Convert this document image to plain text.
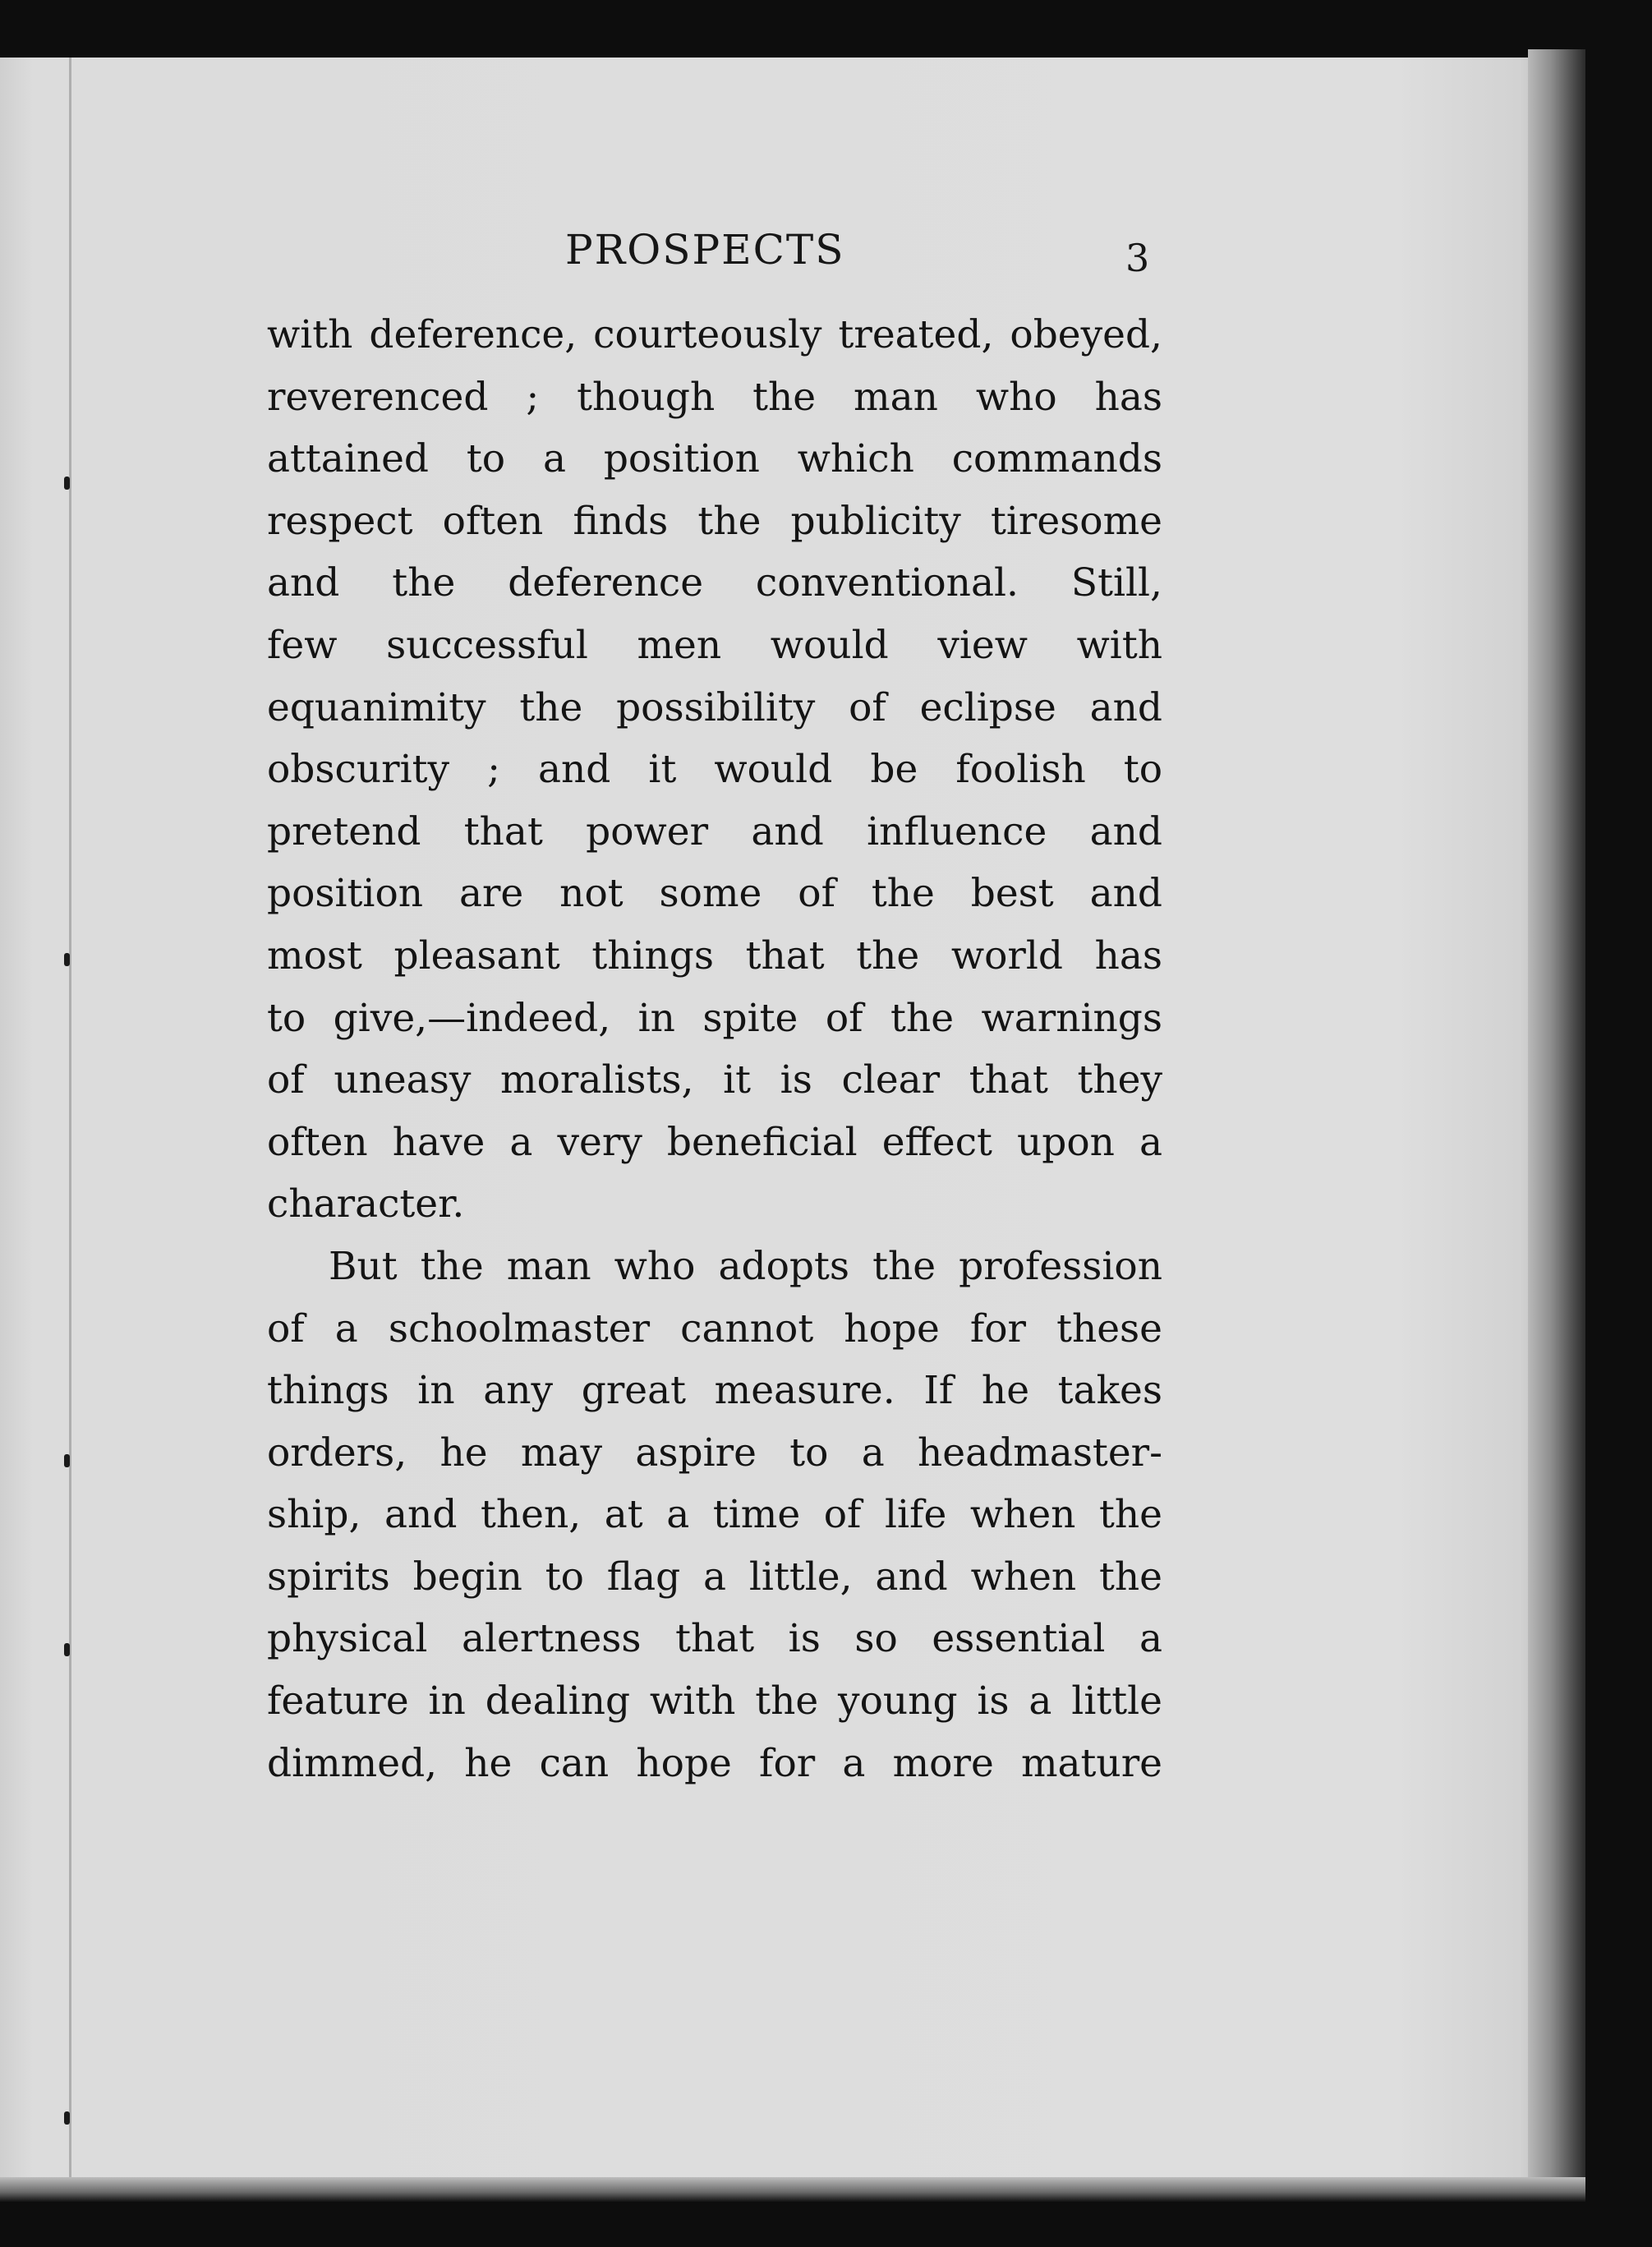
PROSPECTS	3
with deference, courteously treated, obeyed,
reverenced ; though the man who has
attained to a position which commands
respect often finds the publicity tiresome
and the deference conventional. Still,
few successful men would view with
equanimity the possibility of eclipse and
obscurity ; and it would be foolish to
pretend that power and influence and
position are not some of the best and
most pleasant things that the world has
to give,—indeed, in spite of the warnings
of uneasy moralists, it is clear that they
often have a very beneficial effect upon a
character.
But the man who adopts the profession
of a schoolmaster cannot hope for these
things in any great measure. If he takes
orders, he may aspire to a headmaster-
ship, and then, at a time of life when the
spirits begin to flag a little, and when the
physical alertness that is so essential a
feature in dealing with the young is a little
dimmed, he can hope for a more mature
